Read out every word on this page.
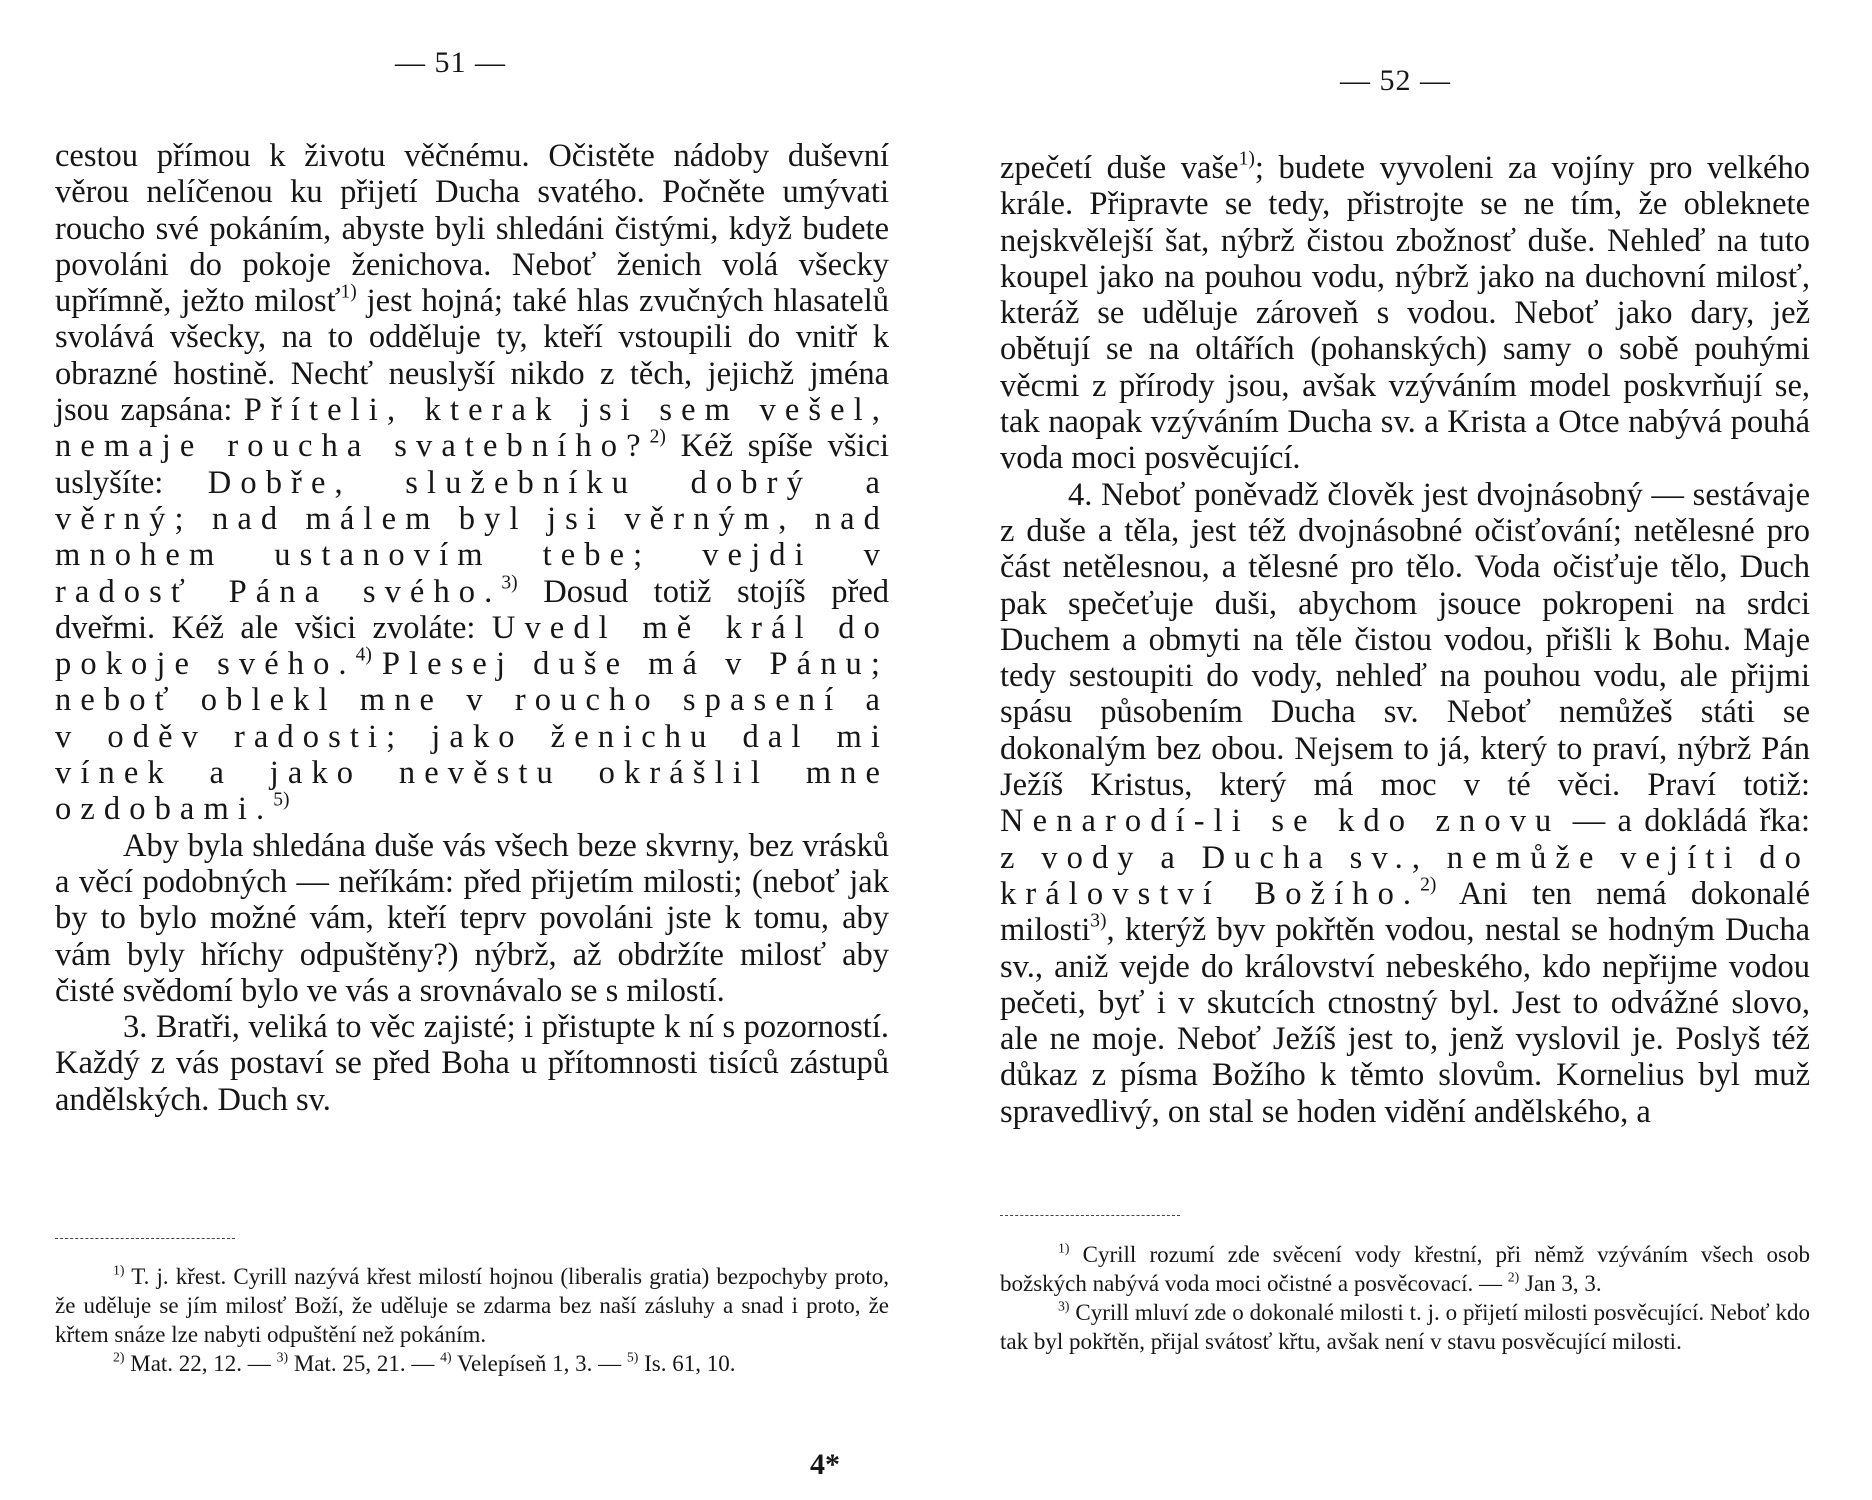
— 51 —

cestou přímou k životu věčnému. Očistěte nádoby duševní věrou nelíčenou ku přijetí Ducha svatého. Počněte umývati roucho své pokáním, abyste byli shledáni čistými, když budete povoláni do pokoje ženichova. Neboť ženich volá všecky upřímně, ježto milosť$^{1)}$ jest hojná; také hlas zvučných hlasatelů svolává všecky, na to odděluje ty, kteří vstoupili do vnitř k obrazné hostině. Nechť neuslyší nikdo z těch, jejichž jména jsou zapsána: Příteli, kterak jsi sem vešel, nemaje roucha svatebního?$^{2)}$ Kéž spíše všici uslyšíte: Dobře, služebníku dobrý a věrný; nad málem byl jsi věrným, nad mnohem ustanovím tebe; vejdi v radosť Pána svého.$^{3)}$ Dosud totiž stojíš před dveřmi. Kéž ale všici zvoláte: Uvedl mě král do pokoje svého.$^{4)}$ Plesej duše má v Pánu; neboť oblekl mne v roucho spasení a v oděv radosti; jako ženichu dal mi vínek a jako nevěstu okrášlil mne ozdobami.$^{5)}$

Aby byla shledána duše vás všech beze skvrny, bez vrásků a věcí podobných — neříkám: před přijetím milosti; (neboť jak by to bylo možné vám, kteří teprv povoláni jste k tomu, aby vám byly hříchy odpuštěny?) nýbrž, až obdržíte milosť aby čisté svědomí bylo ve vás a srovnávalo se s milostí.

3. Bratři, veliká to věc zajisté; i přistupte k ní s pozorností. Každý z vás postaví se před Boha u přítomnosti tisíců zástupů andělských. Duch sv.

$^{1)}$ T. j. křest. Cyrill nazývá křest milostí hojnou (liberalis gratia) bezpochyby proto, že uděluje se jím milosť Boží, že uděluje se zdarma bez naší zásluhy a snad i proto, že křtem snáze lze nabyti odpuštění než pokáním.

$^{2)}$ Mat. 22, 12. — $^{3)}$ Mat. 25, 21. — $^{4)}$ Velepíseň 1, 3. — $^{5)}$ Is. 61, 10.

4*
— 52 —

zpečetí duše vaše$^{1)}$; budete vyvoleni za vojíny pro velkého krále. Připravte se tedy, přistrojte se ne tím, že obleknete nejskvělejší šat, nýbrž čistou zbožnosť duše. Nehleď na tuto koupel jako na pouhou vodu, nýbrž jako na duchovní milosť, kteráž se uděluje zároveň s vodou. Neboť jako dary, jež obětují se na oltářích (pohanských) samy o sobě pouhými věcmi z přírody jsou, avšak vzýváním model poskvrňují se, tak naopak vzýváním Ducha sv. a Krista a Otce nabývá pouhá voda moci posvěcující.

4. Neboť poněvadž člověk jest dvojnásobný — sestávaje z duše a těla, jest též dvojnásobné očisťování; netělesné pro část netělesnou, a tělesné pro tělo. Voda očisťuje tělo, Duch pak spečeťuje duši, abychom jsouce pokropeni na srdci Duchem a obmyti na těle čistou vodou, přišli k Bohu. Maje tedy sestoupiti do vody, nehleď na pouhou vodu, ale přijmi spásu působením Ducha sv. Neboť nemůžeš státi se dokonalým bez obou. Nejsem to já, který to praví, nýbrž Pán Ježíš Kristus, který má moc v té věci. Praví totiž: Nenarodí-li se kdo znovu — a dokládá řka: z vody a Ducha sv., nemůže vejíti do království Božího.$^{2)}$ Ani ten nemá dokonalé milosti$^{3)}$, kterýž byv pokřtěn vodou, nestal se hodným Ducha sv., aniž vejde do království nebeského, kdo nepřijme vodou pečeti, byť i v skutcích ctnostný byl. Jest to odvážné slovo, ale ne moje. Neboť Ježíš jest to, jenž vyslovil je. Poslyš též důkaz z písma Božího k těmto slovům. Kornelius byl muž spravedlivý, on stal se hoden vidění andělského, a

$^{1)}$ Cyrill rozumí zde svěcení vody křestní, při němž vzýváním všech osob božských nabývá voda moci očistné a posvěcovací. — $^{2)}$ Jan 3, 3.

$^{3)}$ Cyrill mluví zde o dokonalé milosti t. j. o přijetí milosti posvěcující. Neboť kdo tak byl pokřtěn, přijal svátosť křtu, avšak není v stavu posvěcující milosti.
